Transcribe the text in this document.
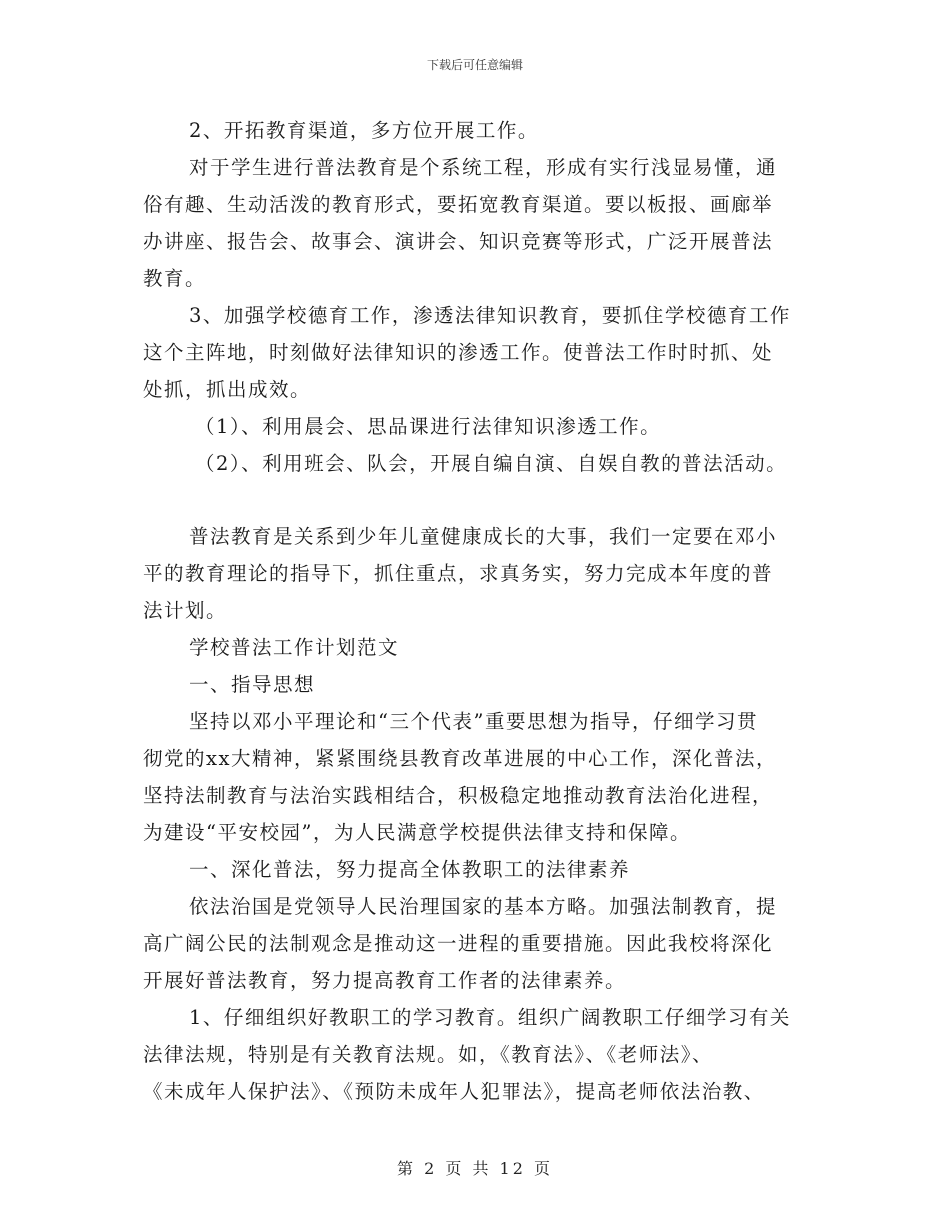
下载后可任意编辑
2、开拓教育渠道，多方位开展工作。
对于学生进行普法教育是个系统工程，形成有实行浅显易懂，通
俗有趣、生动活泼的教育形式，要拓宽教育渠道。要以板报、画廊举
办讲座、报告会、故事会、演讲会、知识竞赛等形式，广泛开展普法
教育。
3、加强学校德育工作，渗透法律知识教育，要抓住学校德育工作
这个主阵地，时刻做好法律知识的渗透工作。使普法工作时时抓、处
处抓，抓出成效。
（1）、利用晨会、思品课进行法律知识渗透工作。
（2）、利用班会、队会，开展自编自演、自娱自教的普法活动。
普法教育是关系到少年儿童健康成长的大事，我们一定要在邓小
平的教育理论的指导下，抓住重点，求真务实，努力完成本年度的普
法计划。
学校普法工作计划范文
一、指导思想
坚持以邓小平理论和“三个代表”重要思想为指导，仔细学习贯
彻党的xx大精神，紧紧围绕县教育改革进展的中心工作，深化普法，
坚持法制教育与法治实践相结合，积极稳定地推动教育法治化进程，
为建设“平安校园”，为人民满意学校提供法律支持和保障。
一、深化普法，努力提高全体教职工的法律素养
依法治国是党领导人民治理国家的基本方略。加强法制教育，提
高广阔公民的法制观念是推动这一进程的重要措施。因此我校将深化
开展好普法教育，努力提高教育工作者的法律素养。
1、仔细组织好教职工的学习教育。组织广阔教职工仔细学习有关
法律法规，特别是有关教育法规。如，《教育法》、《老师法》、
《未成年人保护法》、《预防未成年人犯罪法》，提高老师依法治教、
第 2 页 共 12 页
